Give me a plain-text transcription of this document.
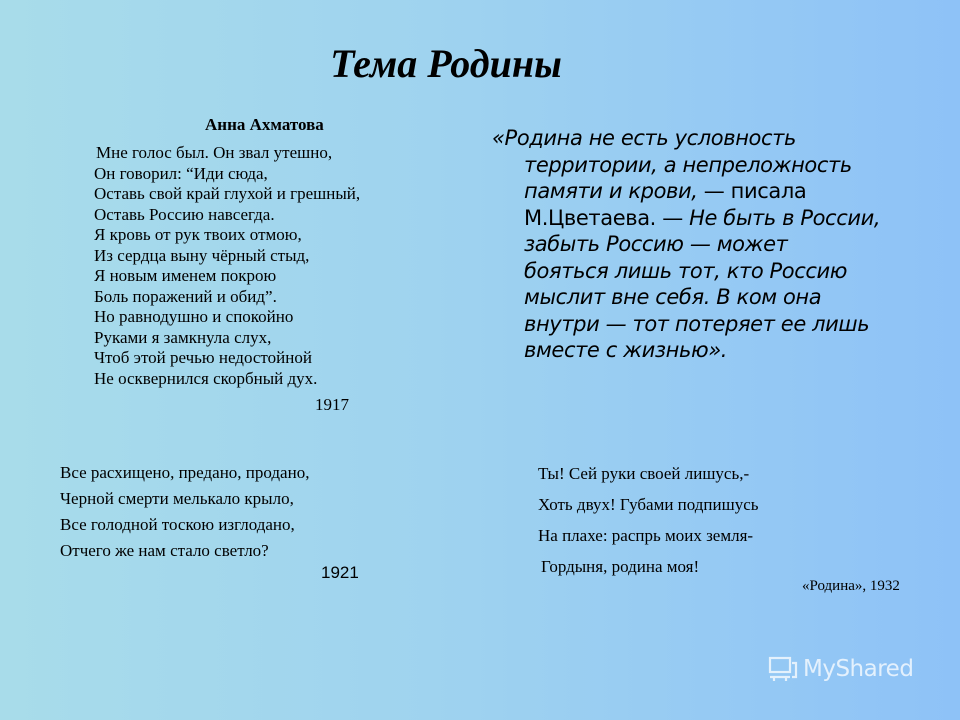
Тема Родины
Анна Ахматова
Мне голос был. Он звал утешно,
Он говорил: “Иди сюда,
Оставь свой край глухой и грешный,
Оставь Россию навсегда.
Я кровь от рук твоих отмою,
Из сердца выну чёрный стыд,
Я новым именем покрою
Боль поражений и обид”.
Но равнодушно и спокойно
Руками я замкнула слух,
Чтоб этой речью недостойной
Не осквернился скорбный дух.
1917
«Родина не есть условность
территории, а непреложность
памяти и крови, — писала
М.Цветаева. — Не быть в России,
забыть Россию — может
бояться лишь тот, кто Россию
мыслит вне себя. В ком она
внутри — тот потеряет ее лишь
вместе с жизнью».
Все расхищено, предано, продано,
Черной смерти мелькало крыло,
Все голодной тоскою изглодано,
Отчего же нам стало светло?
1921
Ты! Сей руки своей лишусь,-
Хоть двух! Губами подпишусь
На плахе: распрь моих земля-
Гордыня, родина моя!
«Родина», 1932
MyShared
